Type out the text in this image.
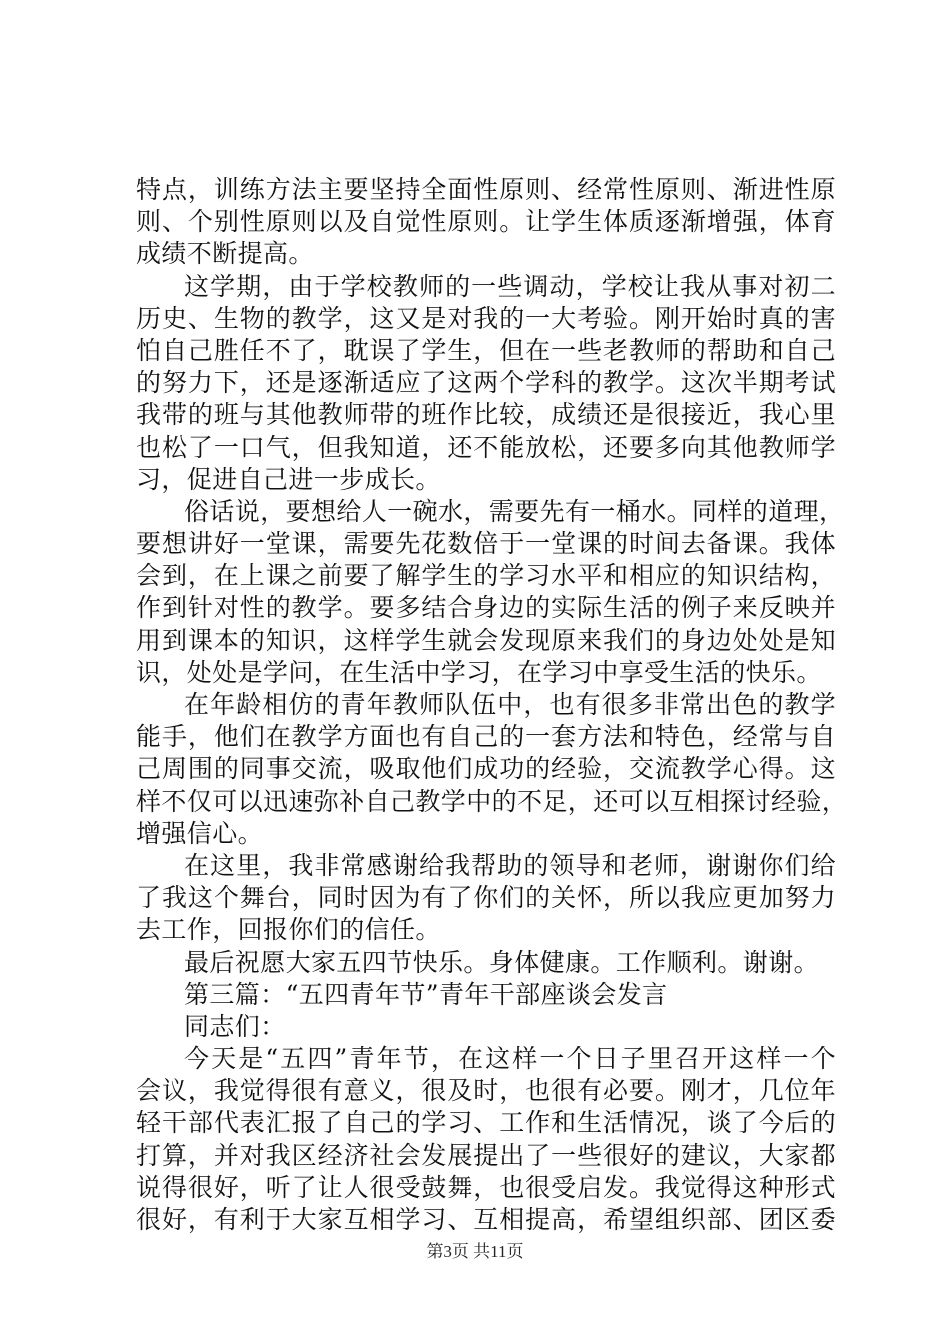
特点，训练方法主要坚持全面性原则、经常性原则、渐进性原
则、个别性原则以及自觉性原则。让学生体质逐渐增强，体育
成绩不断提高。
这学期，由于学校教师的一些调动，学校让我从事对初二
历史、生物的教学，这又是对我的一大考验。刚开始时真的害
怕自己胜任不了，耽误了学生，但在一些老教师的帮助和自己
的努力下，还是逐渐适应了这两个学科的教学。这次半期考试
我带的班与其他教师带的班作比较，成绩还是很接近，我心里
也松了一口气，但我知道，还不能放松，还要多向其他教师学
习，促进自己进一步成长。
俗话说，要想给人一碗水，需要先有一桶水。同样的道理，
要想讲好一堂课，需要先花数倍于一堂课的时间去备课。我体
会到，在上课之前要了解学生的学习水平和相应的知识结构，
作到针对性的教学。要多结合身边的实际生活的例子来反映并
用到课本的知识，这样学生就会发现原来我们的身边处处是知
识，处处是学问，在生活中学习，在学习中享受生活的快乐。
在年龄相仿的青年教师队伍中，也有很多非常出色的教学
能手，他们在教学方面也有自己的一套方法和特色，经常与自
己周围的同事交流，吸取他们成功的经验，交流教学心得。这
样不仅可以迅速弥补自己教学中的不足，还可以互相探讨经验，
增强信心。
在这里，我非常感谢给我帮助的领导和老师，谢谢你们给
了我这个舞台，同时因为有了你们的关怀，所以我应更加努力
去工作，回报你们的信任。
最后祝愿大家五四节快乐。身体健康。工作顺利。谢谢。
第三篇：“五四青年节”青年干部座谈会发言
同志们：
今天是“五四”青年节，在这样一个日子里召开这样一个
会议，我觉得很有意义，很及时，也很有必要。刚才，几位年
轻干部代表汇报了自己的学习、工作和生活情况，谈了今后的
打算，并对我区经济社会发展提出了一些很好的建议，大家都
说得很好，听了让人很受鼓舞，也很受启发。我觉得这种形式
很好，有利于大家互相学习、互相提高，希望组织部、团区委
第3页 共11页
